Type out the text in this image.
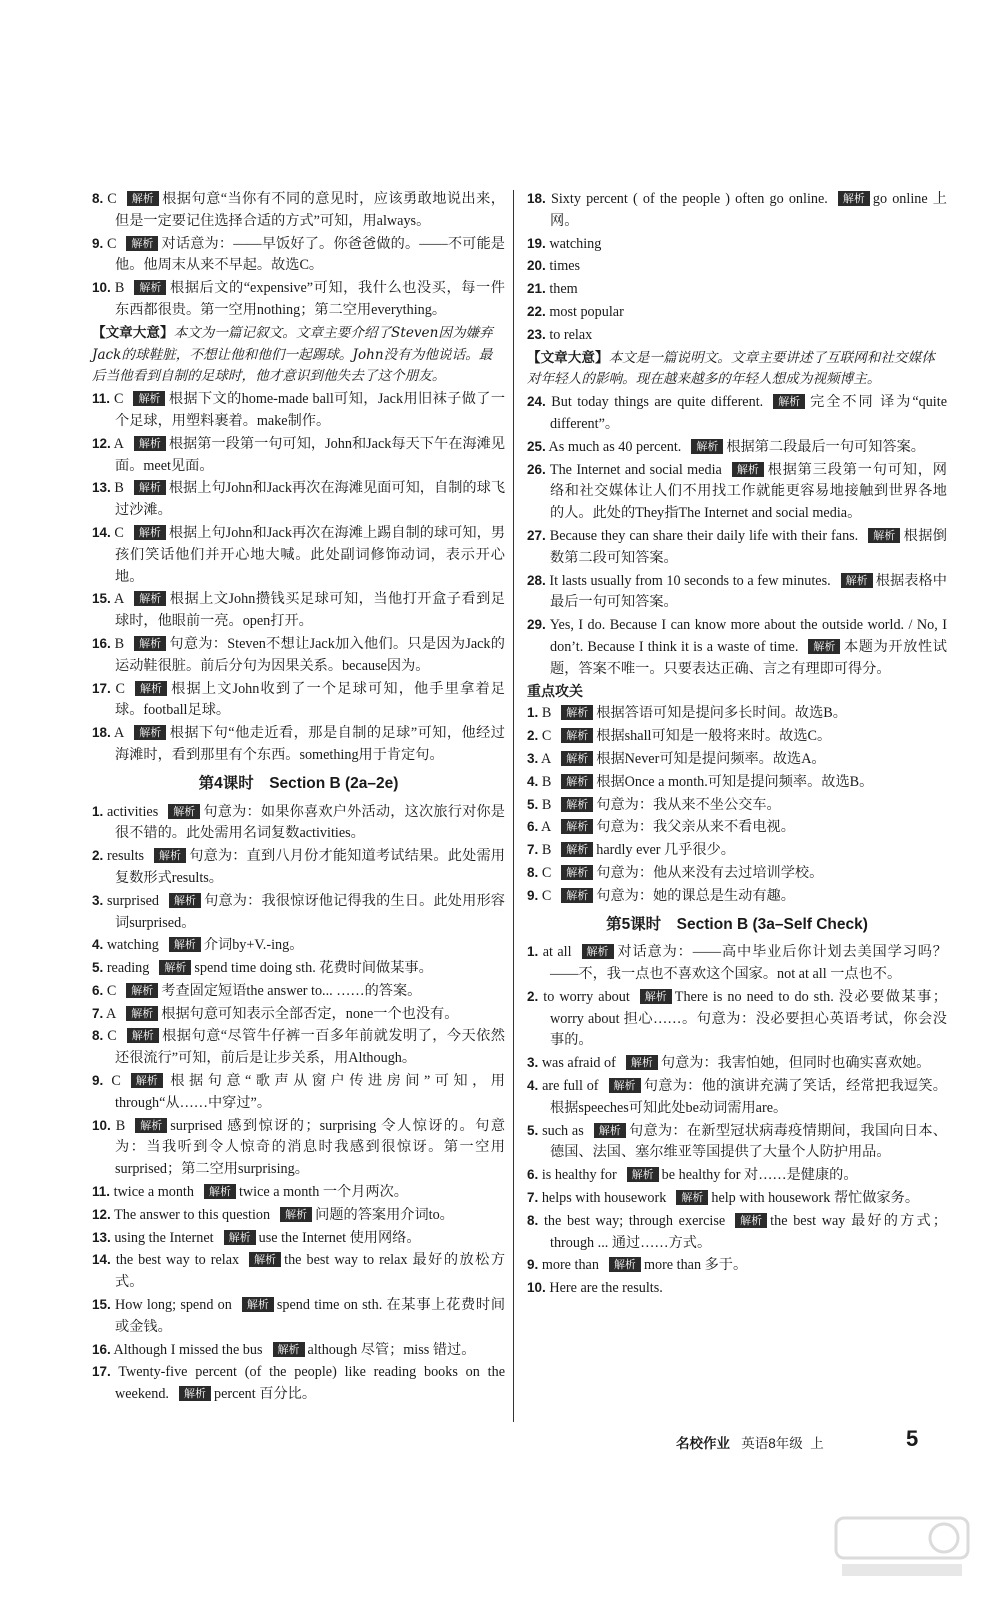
8. C 解析 根据句意“当你有不同的意见时，应该勇敢地说出来，但是一定要记住选择合适的方式”可知，用always。

9. C 解析 对话意为：——早饭好了。你爸爸做的。——不可能是他。他周末从来不早起。故选C。

10. B 解析 根据后文的“expensive”可知，我什么也没买，每一件东西都很贵。第一空用nothing；第二空用everything。

【文章大意】本文为一篇记叙文。文章主要介绍了Steven因为嫌弃Jack的球鞋脏，不想让他和他们一起踢球。John没有为他说话。最后当他看到自制的足球时，他才意识到他失去了这个朋友。

11. C 解析 根据下文的home-made ball可知，Jack用旧袜子做了一个足球，用塑料裹着。make制作。

12. A 解析 根据第一段第一句可知，John和Jack每天下午在海滩见面。meet见面。

13. B 解析 根据上句John和Jack再次在海滩见面可知，自制的球飞过沙滩。

14. C 解析 根据上句John和Jack再次在海滩上踢自制的球可知，男孩们笑话他们并开心地大喊。此处副词修饰动词，表示开心地。

15. A 解析 根据上文John攒钱买足球可知，当他打开盒子看到足球时，他眼前一亮。open打开。

16. B 解析 句意为：Steven不想让Jack加入他们。只是因为Jack的运动鞋很脏。前后分句为因果关系。because因为。

17. C 解析 根据上文John收到了一个足球可知，他手里拿着足球。football足球。

18. A 解析 根据下句“他走近看，那是自制的足球”可知，他经过海滩时，看到那里有个东西。something用于肯定句。

第4课时　Section B (2a–2e)

1. activities 解析 句意为：如果你喜欢户外活动，这次旅行对你是很不错的。此处需用名词复数activities。

2. results 解析 句意为：直到八月份才能知道考试结果。此处需用复数形式results。

3. surprised 解析 句意为：我很惊讶他记得我的生日。此处用形容词surprised。

4. watching 解析 介词by+V.-ing。

5. reading 解析 spend time doing sth. 花费时间做某事。

6. C 解析 考查固定短语the answer to... ……的答案。

7. A 解析 根据句意可知表示全部否定，none一个也没有。

8. C 解析 根据句意“尽管牛仔裤一百多年前就发明了，今天依然还很流行”可知，前后是让步关系，用Although。

9. C 解析 根据句意“歌声从窗户传进房间”可知，用through“从……中穿过”。

10. B 解析 surprised 感到惊讶的；surprising 令人惊讶的。句意为：当我听到令人惊奇的消息时我感到很惊讶。第一空用surprised；第二空用surprising。

11. twice a month 解析 twice a month 一个月两次。

12. The answer to this question 解析 问题的答案用介词to。

13. using the Internet 解析 use the Internet 使用网络。

14. the best way to relax 解析 the best way to relax 最好的放松方式。

15. How long; spend on 解析 spend time on sth. 在某事上花费时间或金钱。

16. Although I missed the bus 解析 although 尽管；miss 错过。

17. Twenty-five percent (of the people) like reading books on the weekend. 解析 percent 百分比。

18. Sixty percent ( of the people ) often go online. 解析 go online 上网。

19. watching

20. times

21. them

22. most popular

23. to relax

【文章大意】本文是一篇说明文。文章主要讲述了互联网和社交媒体对年轻人的影响。现在越来越多的年轻人想成为视频博主。

24. But today things are quite different. 解析 完全不同 译为“quite different”。

25. As much as 40 percent. 解析 根据第二段最后一句可知答案。

26. The Internet and social media 解析 根据第三段第一句可知，网络和社交媒体让人们不用找工作就能更容易地接触到世界各地的人。此处的They指The Internet and social media。

27. Because they can share their daily life with their fans. 解析 根据倒数第二段可知答案。

28. It lasts usually from 10 seconds to a few minutes. 解析 根据表格中最后一句可知答案。

29. Yes, I do. Because I can know more about the outside world. / No, I don’t. Because I think it is a waste of time. 解析 本题为开放性试题，答案不唯一。只要表达正确、言之有理即可得分。

重点攻关

1. B 解析 根据答语可知是提问多长时间。故选B。

2. C 解析 根据shall可知是一般将来时。故选C。

3. A 解析 根据Never可知是提问频率。故选A。

4. B 解析 根据Once a month.可知是提问频率。故选B。

5. B 解析 句意为：我从来不坐公交车。

6. A 解析 句意为：我父亲从来不看电视。

7. B 解析 hardly ever 几乎很少。

8. C 解析 句意为：他从来没有去过培训学校。

9. C 解析 句意为：她的课总是生动有趣。

第5课时　Section B (3a–Self Check)

1. at all 解析 对话意为：——高中毕业后你计划去美国学习吗？——不，我一点也不喜欢这个国家。not at all 一点也不。

2. to worry about 解析 There is no need to do sth. 没必要做某事；worry about 担心……。句意为：没必要担心英语考试，你会没事的。

3. was afraid of 解析 句意为：我害怕她，但同时也确实喜欢她。

4. are full of 解析 句意为：他的演讲充满了笑话，经常把我逗笑。根据speeches可知此处be动词需用are。

5. such as 解析 句意为：在新型冠状病毒疫情期间，我国向日本、德国、法国、塞尔维亚等国提供了大量个人防护用品。

6. is healthy for 解析 be healthy for 对……是健康的。

7. helps with housework 解析 help with housework 帮忙做家务。

8. the best way; through exercise 解析 the best way 最好的方式；through ... 通过……方式。

9. more than 解析 more than 多于。

10. Here are the results.

名校作业 英语8年级 上	5
